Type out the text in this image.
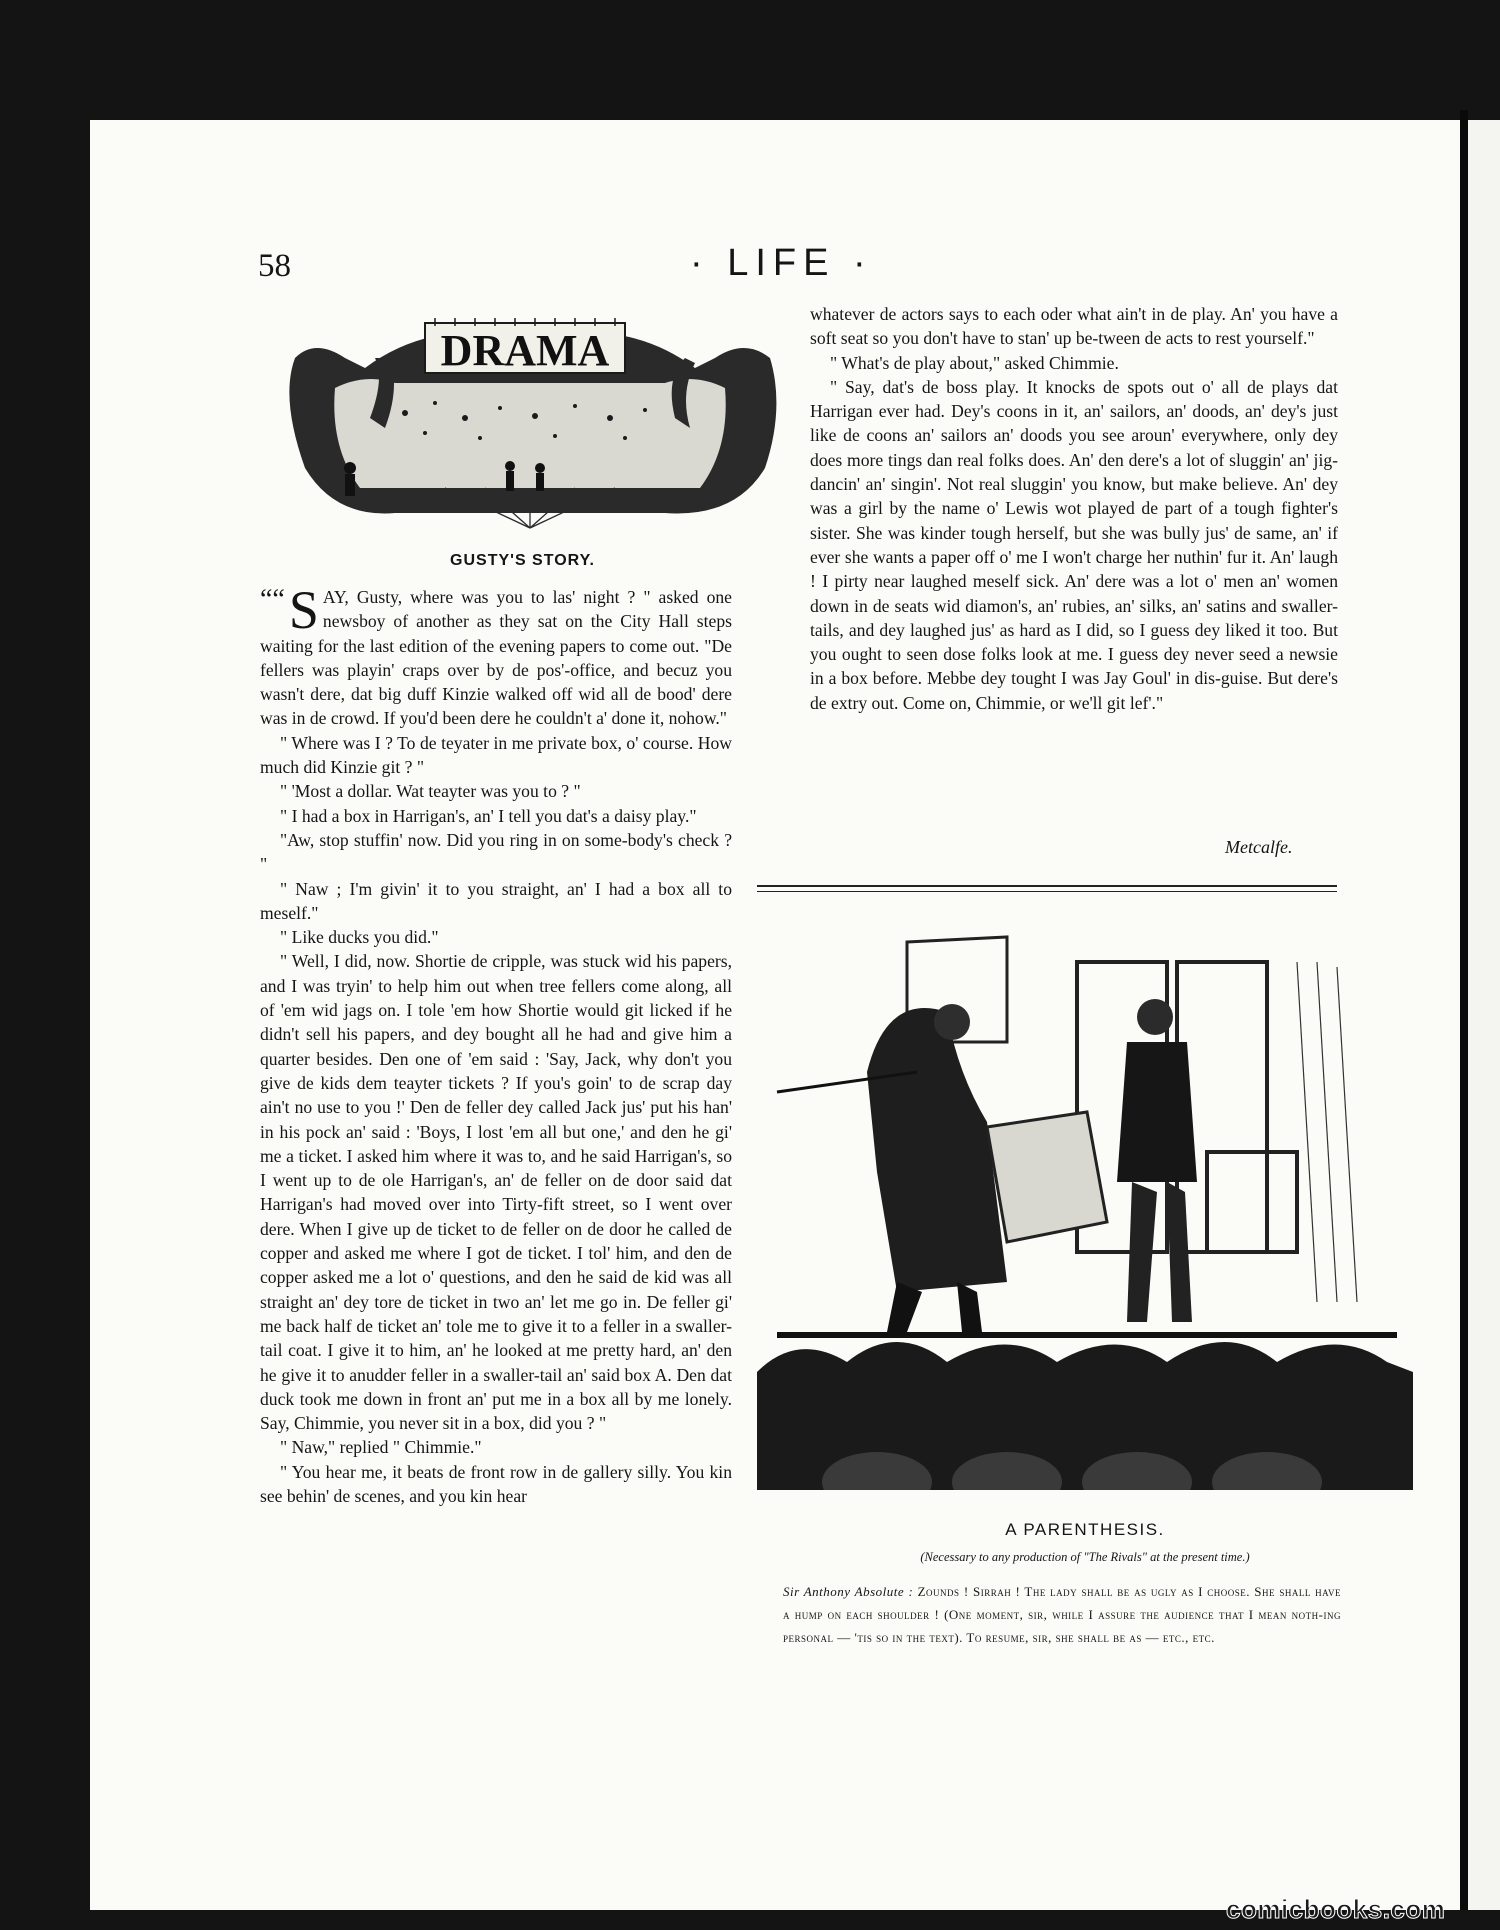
58	· LIFE ·
DRAMA
GUSTY'S STORY.
““ S AY, Gusty, where was you to las' night ? " asked one newsboy of another as they sat on the City Hall steps waiting for the last edition of the evening papers to come out. "De fellers was playin' craps over by de pos'-office, and becuz you wasn't dere, dat big duff Kinzie walked off wid all de bood' dere was in de crowd. If you'd been dere he couldn't a' done it, nohow."

" Where was I ? To de teyater in me private box, o' course. How much did Kinzie git ? "

" 'Most a dollar. Wat teayter was you to ? "

" I had a box in Harrigan's, an' I tell you dat's a daisy play."

"Aw, stop stuffin' now. Did you ring in on some-body's check ? "

" Naw ; I'm givin' it to you straight, an' I had a box all to meself."

" Like ducks you did."

" Well, I did, now. Shortie de cripple, was stuck wid his papers, and I was tryin' to help him out when tree fellers come along, all of 'em wid jags on. I tole 'em how Shortie would git licked if he didn't sell his papers, and dey bought all he had and give him a quarter besides. Den one of 'em said : 'Say, Jack, why don't you give de kids dem teayter tickets ? If you's goin' to de scrap day ain't no use to you !' Den de feller dey called Jack jus' put his han' in his pock an' said : 'Boys, I lost 'em all but one,' and den he gi' me a ticket. I asked him where it was to, and he said Harrigan's, so I went up to de ole Harrigan's, an' de feller on de door said dat Harrigan's had moved over into Tirty-fift street, so I went over dere. When I give up de ticket to de feller on de door he called de copper and asked me where I got de ticket. I tol' him, and den de copper asked me a lot o' questions, and den he said de kid was all straight an' dey tore de ticket in two an' let me go in. De feller gi' me back half de ticket an' tole me to give it to a feller in a swaller-tail coat. I give it to him, an' he looked at me pretty hard, an' den he give it to anudder feller in a swaller-tail an' said box A. Den dat duck took me down in front an' put me in a box all by me lonely. Say, Chimmie, you never sit in a box, did you ? "

" Naw," replied " Chimmie."

" You hear me, it beats de front row in de gallery silly. You kin see behin' de scenes, and you kin hear

whatever de actors says to each oder what ain't in de play. An' you have a soft seat so you don't have to stan' up be-tween de acts to rest yourself."

" What's de play about," asked Chimmie.

" Say, dat's de boss play. It knocks de spots out o' all de plays dat Harrigan ever had. Dey's coons in it, an' sailors, an' doods, an' dey's just like de coons an' sailors an' doods you see aroun' everywhere, only dey does more tings dan real folks does. An' den dere's a lot of sluggin' an' jig-dancin' an' singin'. Not real sluggin' you know, but make believe. An' dey was a girl by the name o' Lewis wot played de part of a tough fighter's sister. She was kinder tough herself, but she was bully jus' de same, an' if ever she wants a paper off o' me I won't charge her nuthin' fur it. An' laugh ! I pirty near laughed meself sick. An' dere was a lot o' men an' women down in de seats wid diamon's, an' rubies, an' silks, an' satins and swaller-tails, and dey laughed jus' as hard as I did, so I guess dey liked it too. But you ought to seen dose folks look at me. I guess dey never seed a newsie in a box before. Mebbe dey tought I was Jay Goul' in dis-guise. But dere's de extry out. Come on, Chimmie, or we'll git lef'."

Metcalfe.
A PARENTHESIS.
(Necessary to any production of "The Rivals" at the present time.)
Sir Anthony Absolute : Zounds ! Sirrah ! The lady shall be as ugly as I choose. She shall have a hump on each shoulder ! (One moment, sir, while I assure the audience that I mean noth-ing personal — 'tis so in the text). To resume, sir, she shall be as — etc., etc.
comicbooks.com
